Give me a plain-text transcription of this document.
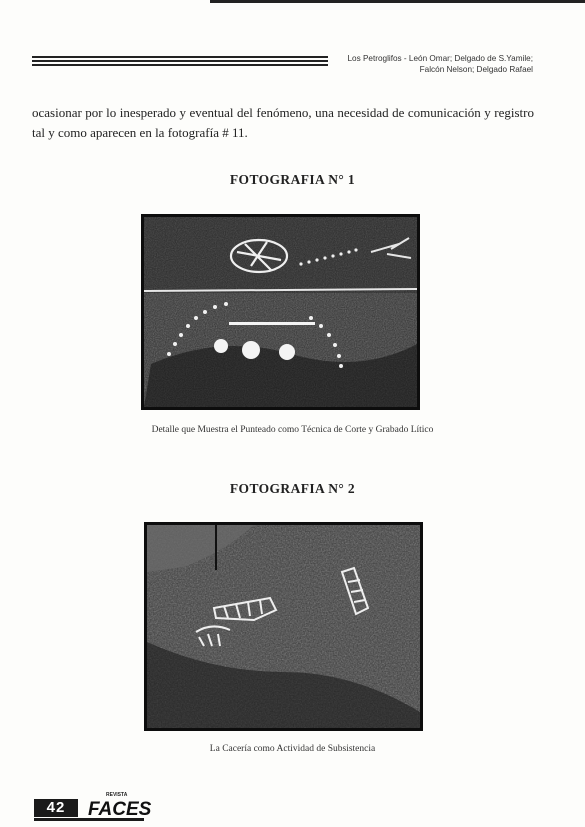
Los Petroglifos - León Omar; Delgado de S.Yamile;
Falcón Nelson; Delgado Rafael
ocasionar por lo inesperado y eventual del fenómeno, una necesidad de comunicación y registro tal y como aparecen en la fotografía # 11.
FOTOGRAFIA N° 1
Detalle que Muestra el Punteado como Técnica de Corte y Grabado Lítico
FOTOGRAFIA N° 2
La Cacería como Actividad de Subsistencia
42
REVISTA
FACES
